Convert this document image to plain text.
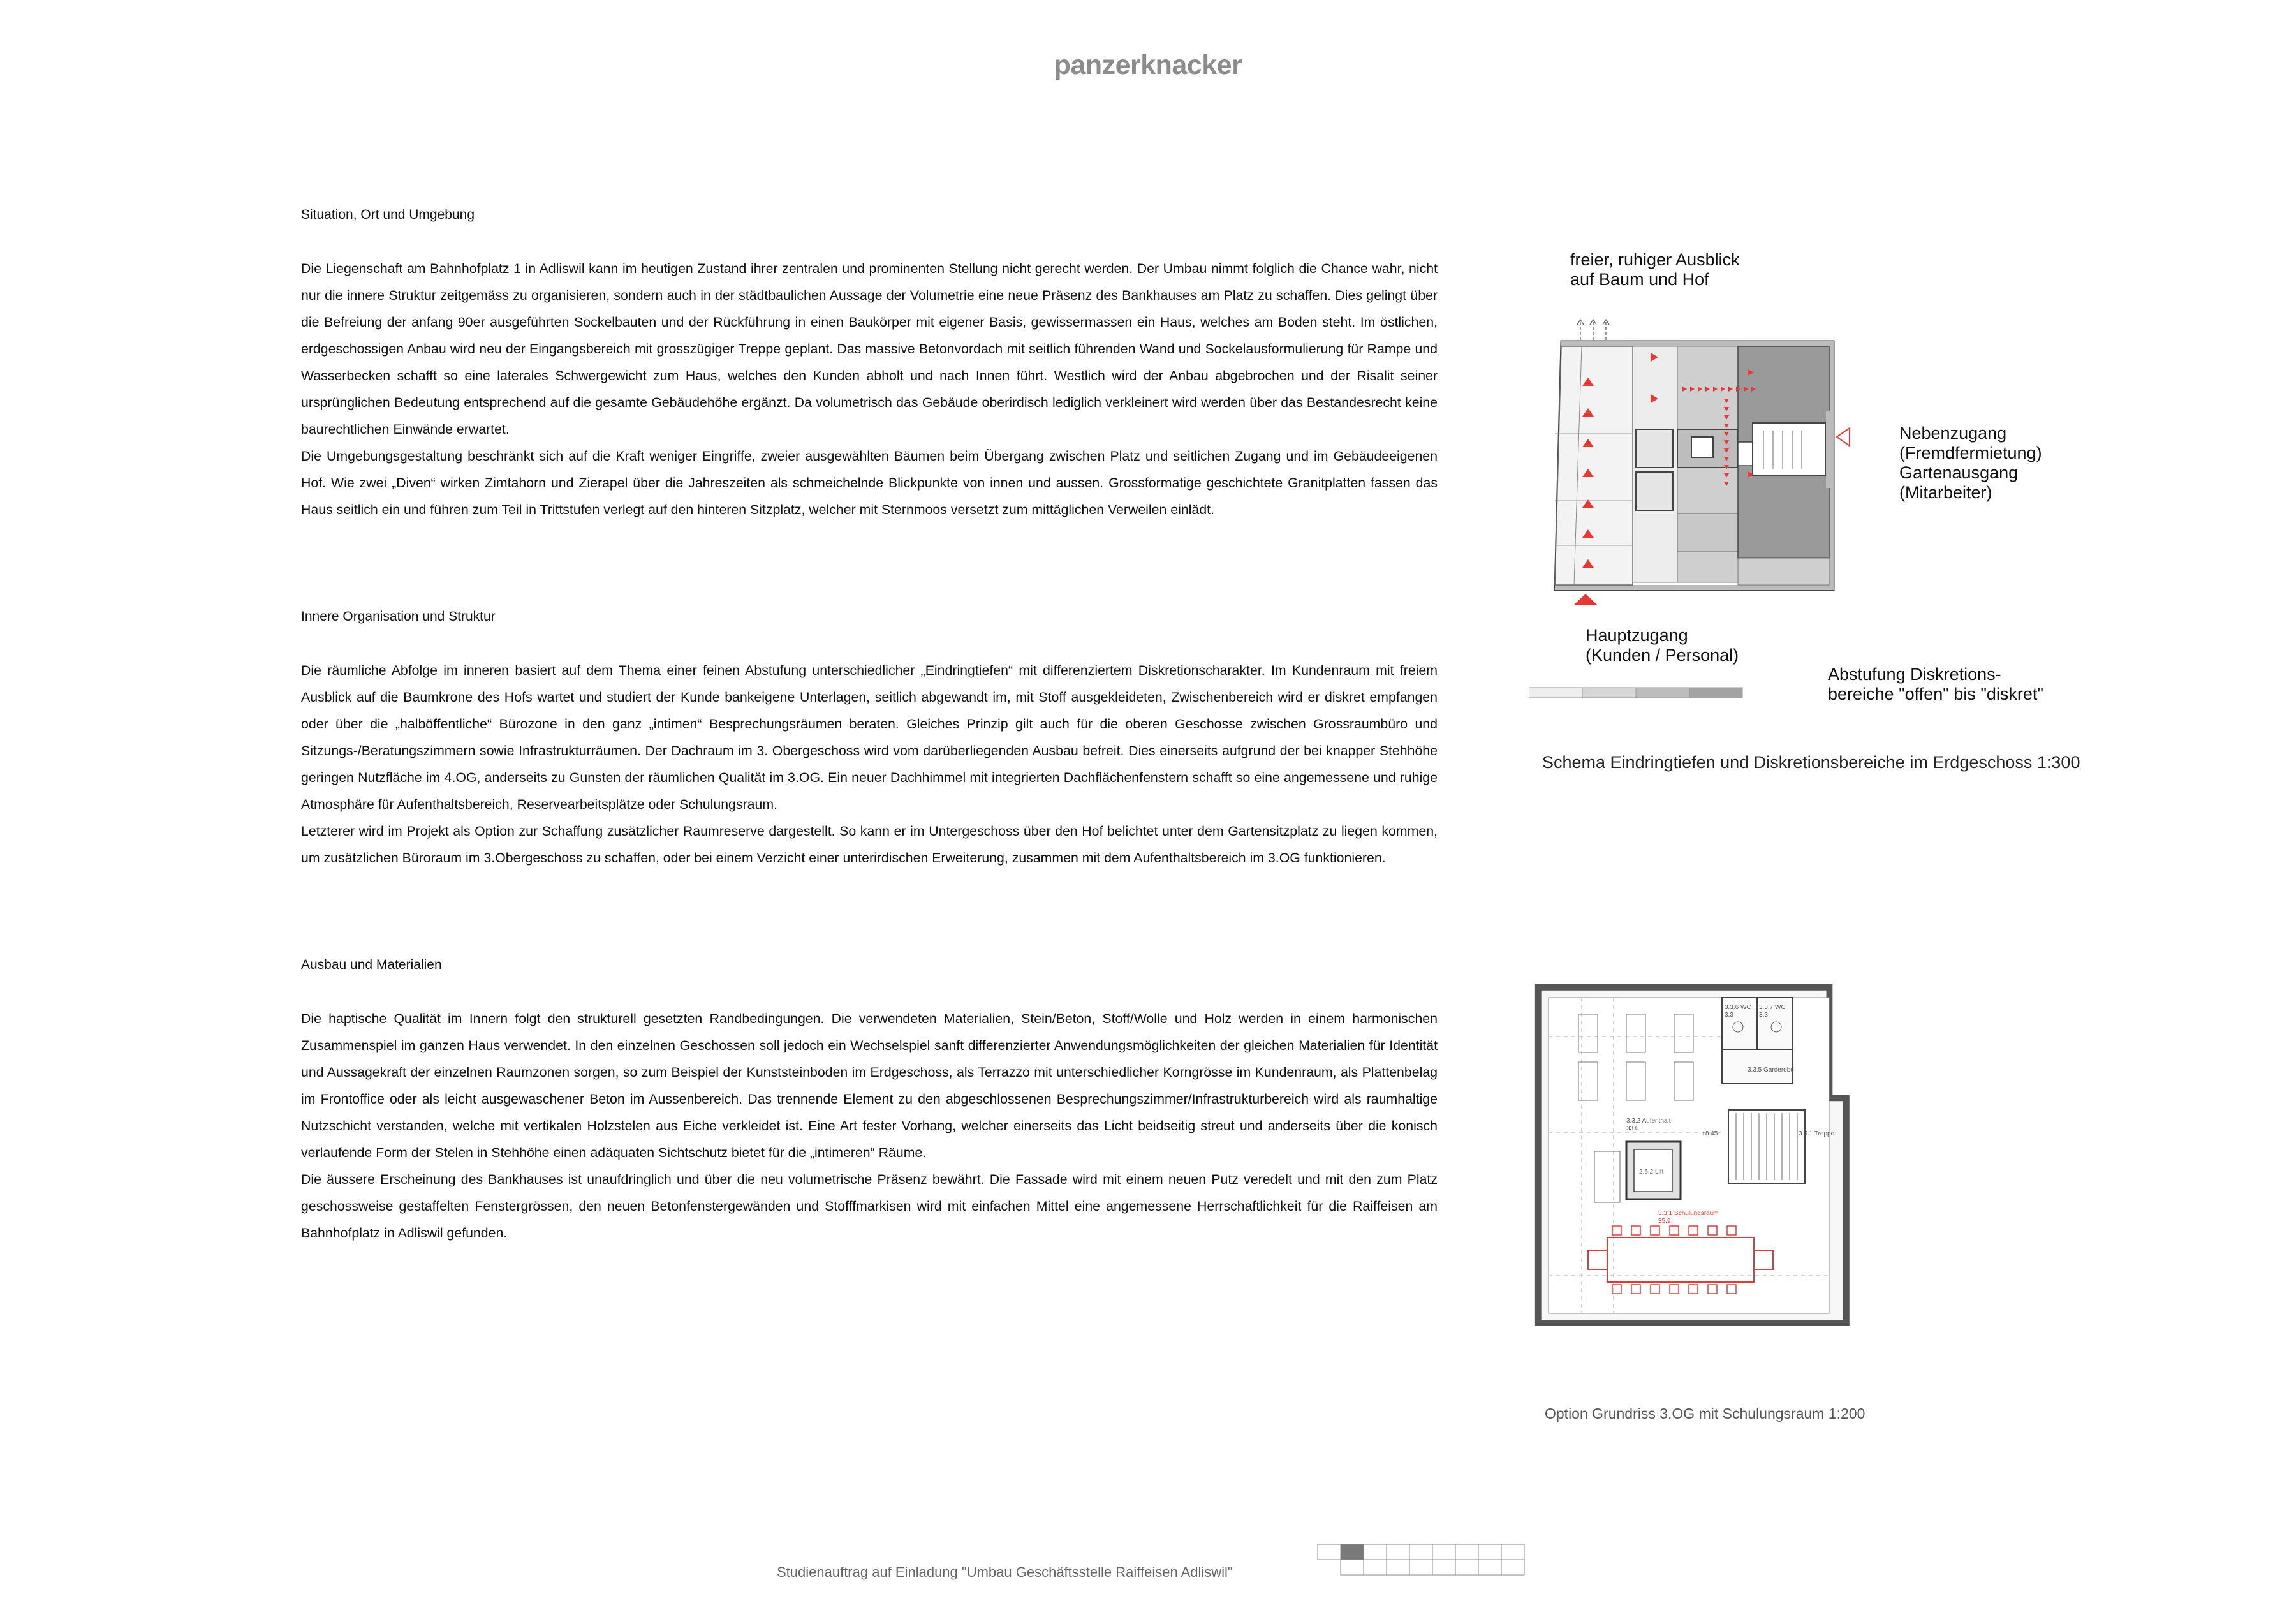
panzerknacker

Situation, Ort und Umgebung

Die Liegenschaft am Bahnhofplatz 1 in Adliswil kann im heutigen Zustand ihrer zentralen und prominenten Stellung nicht gerecht werden. Der Umbau nimmt folglich die Chance wahr, nicht nur die innere Struktur zeitgemäss zu organisieren, sondern auch in der städtbaulichen Aussage der Volumetrie eine neue Präsenz des Bankhauses am Platz zu schaffen. Dies gelingt über die Befreiung der anfang 90er ausgeführten Sockelbauten und der Rückführung in einen Baukörper mit eigener Basis, gewissermassen ein Haus, welches am Boden steht. Im östlichen, erdgeschossigen Anbau wird neu der Eingangsbereich mit grosszügiger Treppe geplant. Das massive Betonvordach mit seitlich führenden Wand und Sockelausformulierung für Rampe und Wasserbecken schafft so eine laterales Schwergewicht zum Haus, welches den Kunden abholt und nach Innen führt. Westlich wird der Anbau abgebrochen und der Risalit seiner ursprünglichen Bedeutung entsprechend auf die gesamte Gebäudehöhe ergänzt. Da volumetrisch das Gebäude oberirdisch lediglich verkleinert wird werden über das Bestandesrecht keine baurechtlichen Einwände erwartet.

Die Umgebungsgestaltung beschränkt sich auf die Kraft weniger Eingriffe, zweier ausgewählten Bäumen beim Übergang zwischen Platz und seitlichen Zugang und im Gebäudeeigenen Hof. Wie zwei „Diven“ wirken Zimtahorn und Zierapel über die Jahreszeiten als schmeichelnde Blickpunkte von innen und aussen. Grossformatige geschichtete Granitplatten fassen das Haus seitlich ein und führen zum Teil in Trittstufen verlegt auf den hinteren Sitzplatz, welcher mit Sternmoos versetzt zum mittäglichen Verweilen einlädt.

Innere Organisation und Struktur

Die räumliche Abfolge im inneren basiert auf dem Thema einer feinen Abstufung unterschiedlicher „Eindringtiefen“ mit differenziertem Diskretionscharakter. Im Kundenraum mit freiem Ausblick auf die Baumkrone des Hofs wartet und studiert der Kunde bankeigene Unterlagen, seitlich abgewandt im, mit Stoff ausgekleideten, Zwischenbereich wird er diskret empfangen oder über die „halböffentliche“ Bürozone in den ganz „intimen“ Besprechungsräumen beraten. Gleiches Prinzip gilt auch für die oberen Geschosse zwischen Grossraumbüro und Sitzungs-/Beratungszimmern sowie Infrastrukturräumen. Der Dachraum im 3. Obergeschoss wird vom darüberliegenden Ausbau befreit. Dies einerseits aufgrund der bei knapper Stehhöhe geringen Nutzfläche im 4.OG, anderseits zu Gunsten der räumlichen Qualität im 3.OG. Ein neuer Dachhimmel mit integrierten Dachflächenfenstern schafft so eine angemessene und ruhige Atmosphäre für Aufenthaltsbereich, Reservearbeitsplätze oder Schulungsraum.

Letzterer wird im Projekt als Option zur Schaffung zusätzlicher Raumreserve dargestellt. So kann er im Untergeschoss über den Hof belichtet unter dem Gartensitzplatz zu liegen kommen, um zusätzlichen Büroraum im 3.Obergeschoss zu schaffen, oder bei einem Verzicht einer unterirdischen Erweiterung, zusammen mit dem Aufenthaltsbereich im 3.OG funktionieren.

Ausbau und Materialien

Die haptische Qualität im Innern folgt den strukturell gesetzten Randbedingungen. Die verwendeten Materialien, Stein/Beton, Stoff/Wolle und Holz werden in einem harmonischen Zusammenspiel im ganzen Haus verwendet. In den einzelnen Geschossen soll jedoch ein Wechselspiel sanft differenzierter Anwendungsmöglichkeiten der gleichen Materialien für Identität und Aussagekraft der einzelnen Raumzonen sorgen, so zum Beispiel der Kunststeinboden im Erdgeschoss, als Terrazzo mit unterschiedlicher Korngrösse im Kundenraum, als Plattenbelag im Frontoffice oder als leicht ausgewaschener Beton im Aussenbereich. Das trennende Element zu den abgeschlossenen Besprechungszimmer/Infrastrukturbereich wird als raumhaltige Nutzschicht verstanden, welche mit vertikalen Holzstelen aus Eiche verkleidet ist. Eine Art fester Vorhang, welcher einerseits das Licht beidseitig streut und anderseits über die konisch verlaufende Form der Stelen in Stehhöhe einen adäquaten Sichtschutz bietet für die „intimeren“ Räume.

Die äussere Erscheinung des Bankhauses ist unaufdringlich und über die neu volumetrische Präsenz bewährt. Die Fassade wird mit einem neuen Putz veredelt und mit den zum Platz geschossweise gestaffelten Fenstergrössen, den neuen Betonfenstergewänden und Stofffmarkisen wird mit einfachen Mittel eine angemessene Herrschaftlichkeit für die Raiffeisen am Bahnhofplatz in Adliswil gefunden.

freier, ruhiger Ausblick
auf Baum und Hof
Nebenzugang
(Fremdfermietung)
Gartenausgang
(Mitarbeiter)
Hauptzugang
(Kunden / Personal)
Abstufung Diskretions-
bereiche "offen" bis "diskret"
Schema Eindringtiefen und Diskretionsbereiche im Erdgeschoss 1:300
3.3.6 WC
3.3
3.3.7 WC
3.3
3.3.5 Garderobe
3.3.2 Aufenthalt
33.0
2.6.2 Lift
3.6.1 Treppe
+8.45
3.3.1 Schulungsraum
35.9
Option Grundriss 3.OG mit Schulungsraum 1:200
Studienauftrag auf Einladung "Umbau Geschäftsstelle Raiffeisen Adliswil"
